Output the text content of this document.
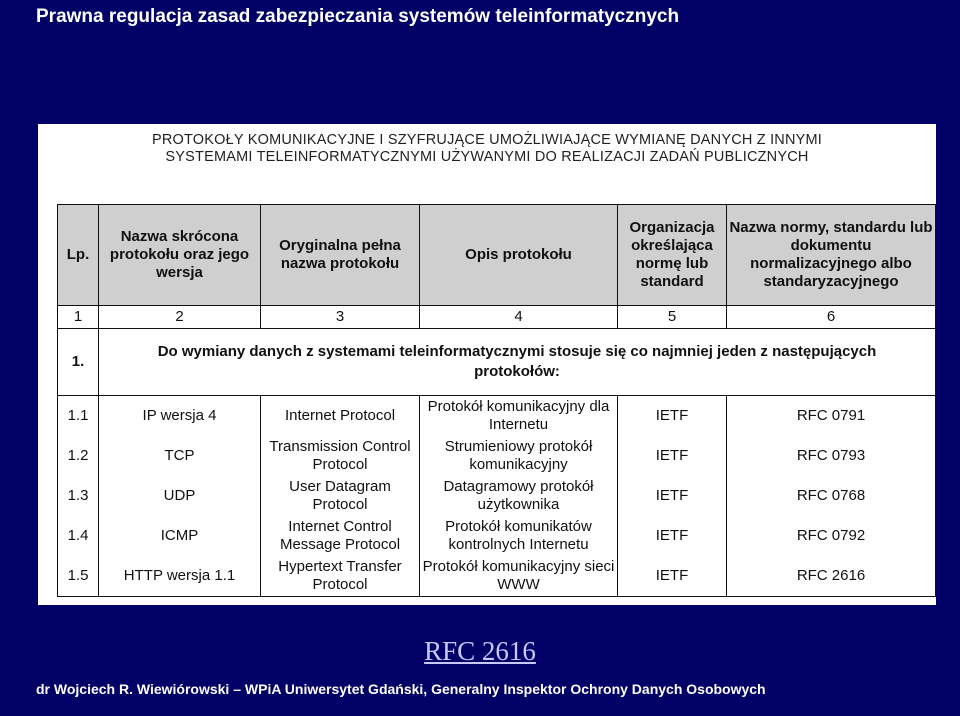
Prawna regulacja zasad zabezpieczania systemów teleinformatycznych
PROTOKOŁY KOMUNIKACYJNE I SZYFRUJĄCE UMOŻLIWIAJĄCE WYMIANĘ DANYCH Z INNYMI
SYSTEMAMI TELEINFORMATYCZNYMI UŻYWANYMI DO REALIZACJI ZADAŃ PUBLICZNYCH
Lp.	Nazwa skrócona protokołu oraz jego wersja	Oryginalna pełna nazwa protokołu	Opis protokołu	Organizacja określająca normę lub standard	Nazwa normy, standardu lub dokumentu normalizacyjnego albo standaryzacyjnego
1	2	3	4	5	6
1.	Do wymiany danych z systemami teleinformatycznymi stosuje się co najmniej jeden z następujących protokołów:				
1.1	IP wersja 4	Internet Protocol	Protokół komunikacyjny dla Internetu	IETF	RFC 0791
1.2	TCP	Transmission Control Protocol	Strumieniowy protokół komunikacyjny	IETF	RFC 0793
1.3	UDP	User Datagram Protocol	Datagramowy protokół użytkownika	IETF	RFC 0768
1.4	ICMP	Internet Control Message Protocol	Protokół komunikatów kontrolnych Internetu	IETF	RFC 0792
1.5	HTTP wersja 1.1	Hypertext Transfer Protocol	Protokół komunikacyjny sieci WWW	IETF	RFC 2616
RFC 2616
dr Wojciech R. Wiewiórowski – WPiA Uniwersytet Gdański, Generalny Inspektor Ochrony Danych Osobowych
